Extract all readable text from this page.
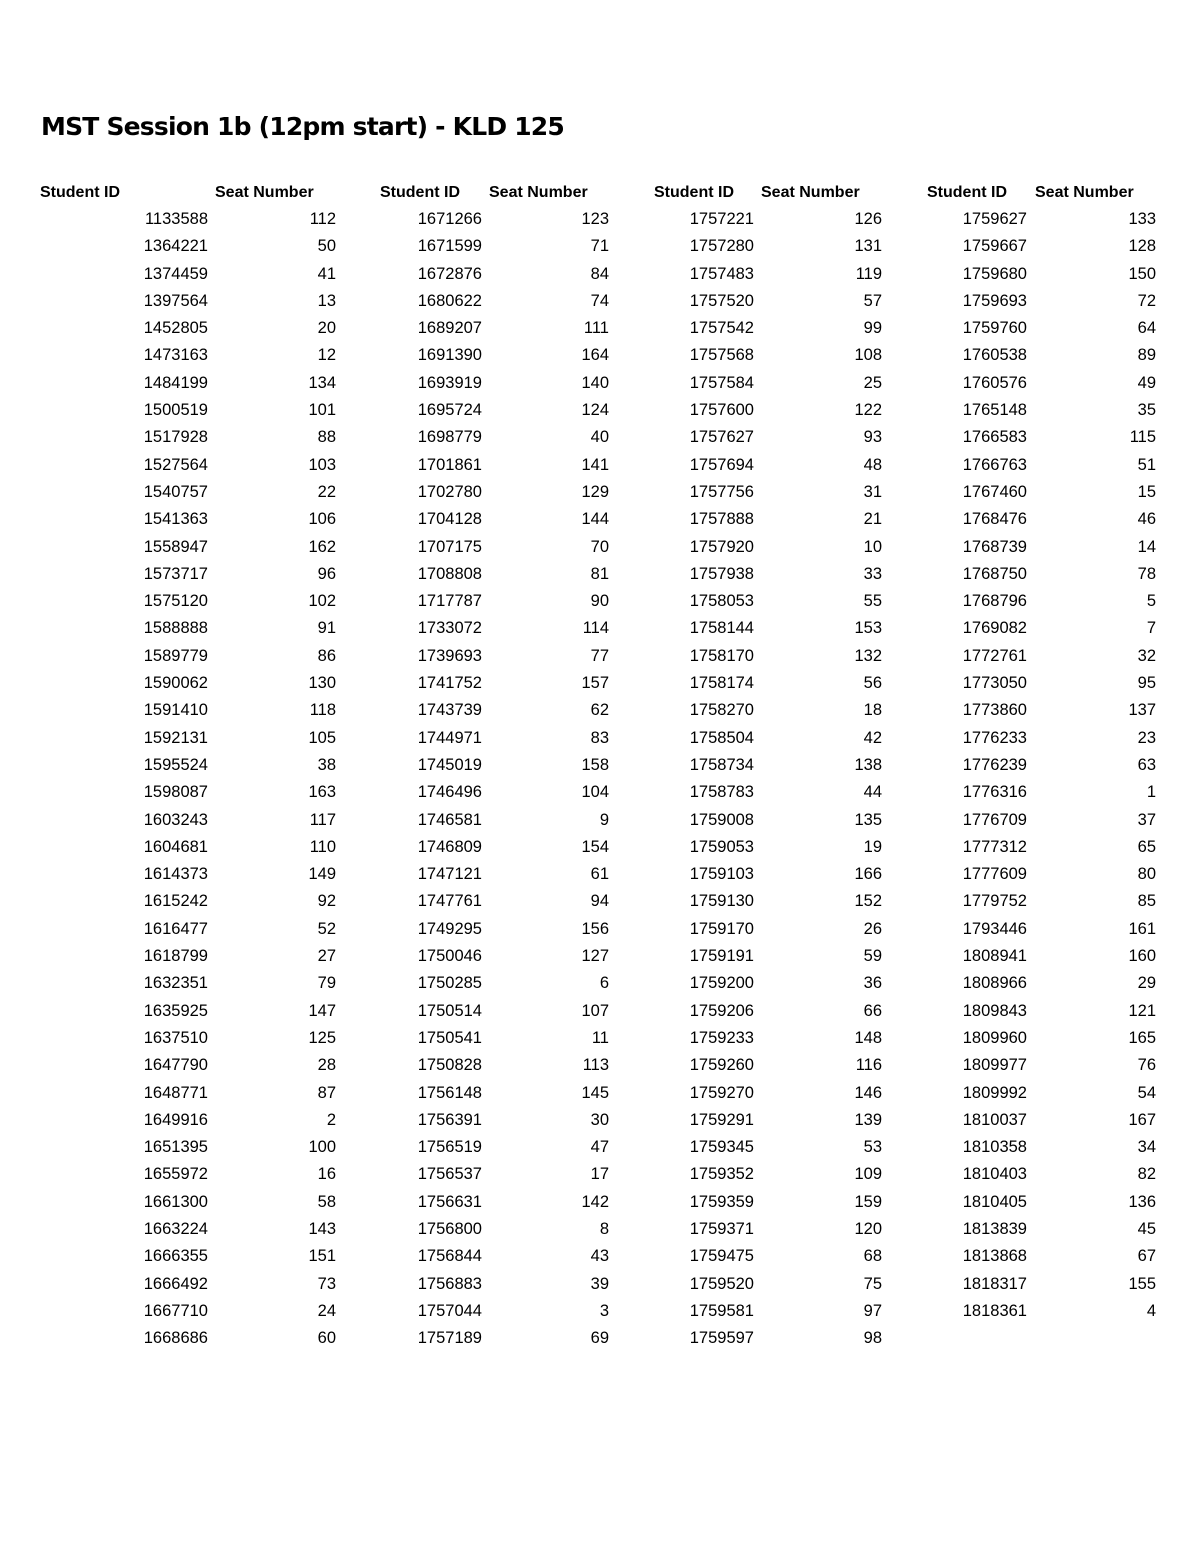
MST Session 1b (12pm start) - KLD 125
Student ID	Seat Number
1133588	112
1364221	50
1374459	41
1397564	13
1452805	20
1473163	12
1484199	134
1500519	101
1517928	88
1527564	103
1540757	22
1541363	106
1558947	162
1573717	96
1575120	102
1588888	91
1589779	86
1590062	130
1591410	118
1592131	105
1595524	38
1598087	163
1603243	117
1604681	110
1614373	149
1615242	92
1616477	52
1618799	27
1632351	79
1635925	147
1637510	125
1647790	28
1648771	87
1649916	2
1651395	100
1655972	16
1661300	58
1663224	143
1666355	151
1666492	73
1667710	24
1668686	60
Student ID Seat Number
1671266	123
1671599	71
1672876	84
1680622	74
1689207	111
1691390	164
1693919	140
1695724	124
1698779	40
1701861	141
1702780	129
1704128	144
1707175	70
1708808	81
1717787	90
1733072	114
1739693	77
1741752	157
1743739	62
1744971	83
1745019	158
1746496	104
1746581	9
1746809	154
1747121	61
1747761	94
1749295	156
1750046	127
1750285	6
1750514	107
1750541	11
1750828	113
1756148	145
1756391	30
1756519	47
1756537	17
1756631	142
1756800	8
1756844	43
1756883	39
1757044	3
1757189	69
Student ID Seat Number
1757221	126
1757280	131
1757483	119
1757520	57
1757542	99
1757568	108
1757584	25
1757600	122
1757627	93
1757694	48
1757756	31
1757888	21
1757920	10
1757938	33
1758053	55
1758144	153
1758170	132
1758174	56
1758270	18
1758504	42
1758734	138
1758783	44
1759008	135
1759053	19
1759103	166
1759130	152
1759170	26
1759191	59
1759200	36
1759206	66
1759233	148
1759260	116
1759270	146
1759291	139
1759345	53
1759352	109
1759359	159
1759371	120
1759475	68
1759520	75
1759581	97
1759597	98
Student ID Seat Number
1759627	133
1759667	128
1759680	150
1759693	72
1759760	64
1760538	89
1760576	49
1765148	35
1766583	115
1766763	51
1767460	15
1768476	46
1768739	14
1768750	78
1768796	5
1769082	7
1772761	32
1773050	95
1773860	137
1776233	23
1776239	63
1776316	1
1776709	37
1777312	65
1777609	80
1779752	85
1793446	161
1808941	160
1808966	29
1809843	121
1809960	165
1809977	76
1809992	54
1810037	167
1810358	34
1810403	82
1810405	136
1813839	45
1813868	67
1818317	155
1818361	4
